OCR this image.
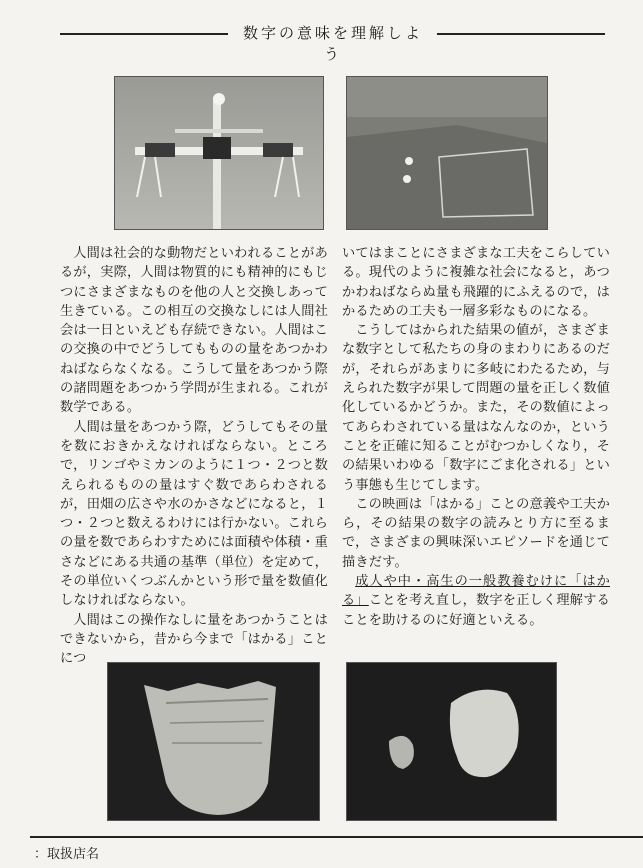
数字の意味を理解しよう

人間は社会的な動物だといわれることがあるが，実際，人間は物質的にも精神的にもじつにさまざまなものを他の人と交換しあって生きている。この相互の交換なしには人間社会は一日といえども存続できない。人間はこの交換の中でどうしてもものの量をあつかわねばならなくなる。こうして量をあつかう際の諸問題をあつかう学問が生まれる。これが数学である。

人間は量をあつかう際，どうしてもその量を数におきかえなければならない。ところで，リンゴやミカンのように１つ・２つと数えられるものの量はすぐ数であらわされるが，田畑の広さや水のかさなどになると，１つ・２つと数えるわけには行かない。これらの量を数であらわすためには面積や体積・重さなどにある共通の基準（単位）を定めて，その単位いくつぶんかという形で量を数値化しなければならない。

人間はこの操作なしに量をあつかうことはできないから，昔から今まで「はかる」ことにつ

いてはまことにさまざまな工夫をこらしている。現代のように複雑な社会になると，あつかわねばならぬ量も飛躍的にふえるので，はかるための工夫も一層多彩なものになる。

こうしてはかられた結果の値が，さまざまな数字として私たちの身のまわりにあるのだが，それらがあまりに多岐にわたるため，与えられた数字が果して問題の量を正しく数値化しているかどうか。また，その数値によってあらわされている量はなんなのか，ということを正確に知ることがむつかしくなり，その結果いわゆる「数字にごま化される」という事態も生じてします。

この映画は「はかる」ことの意義や工夫から，その結果の数字の読みとり方に至るまで，さまざまの興味深いエピソードを通じて描きだす。

成人や中・高生の一般教養むけに「はかる」ことを考え直し，数字を正しく理解することを助けるのに好適といえる。

：取扱店名
